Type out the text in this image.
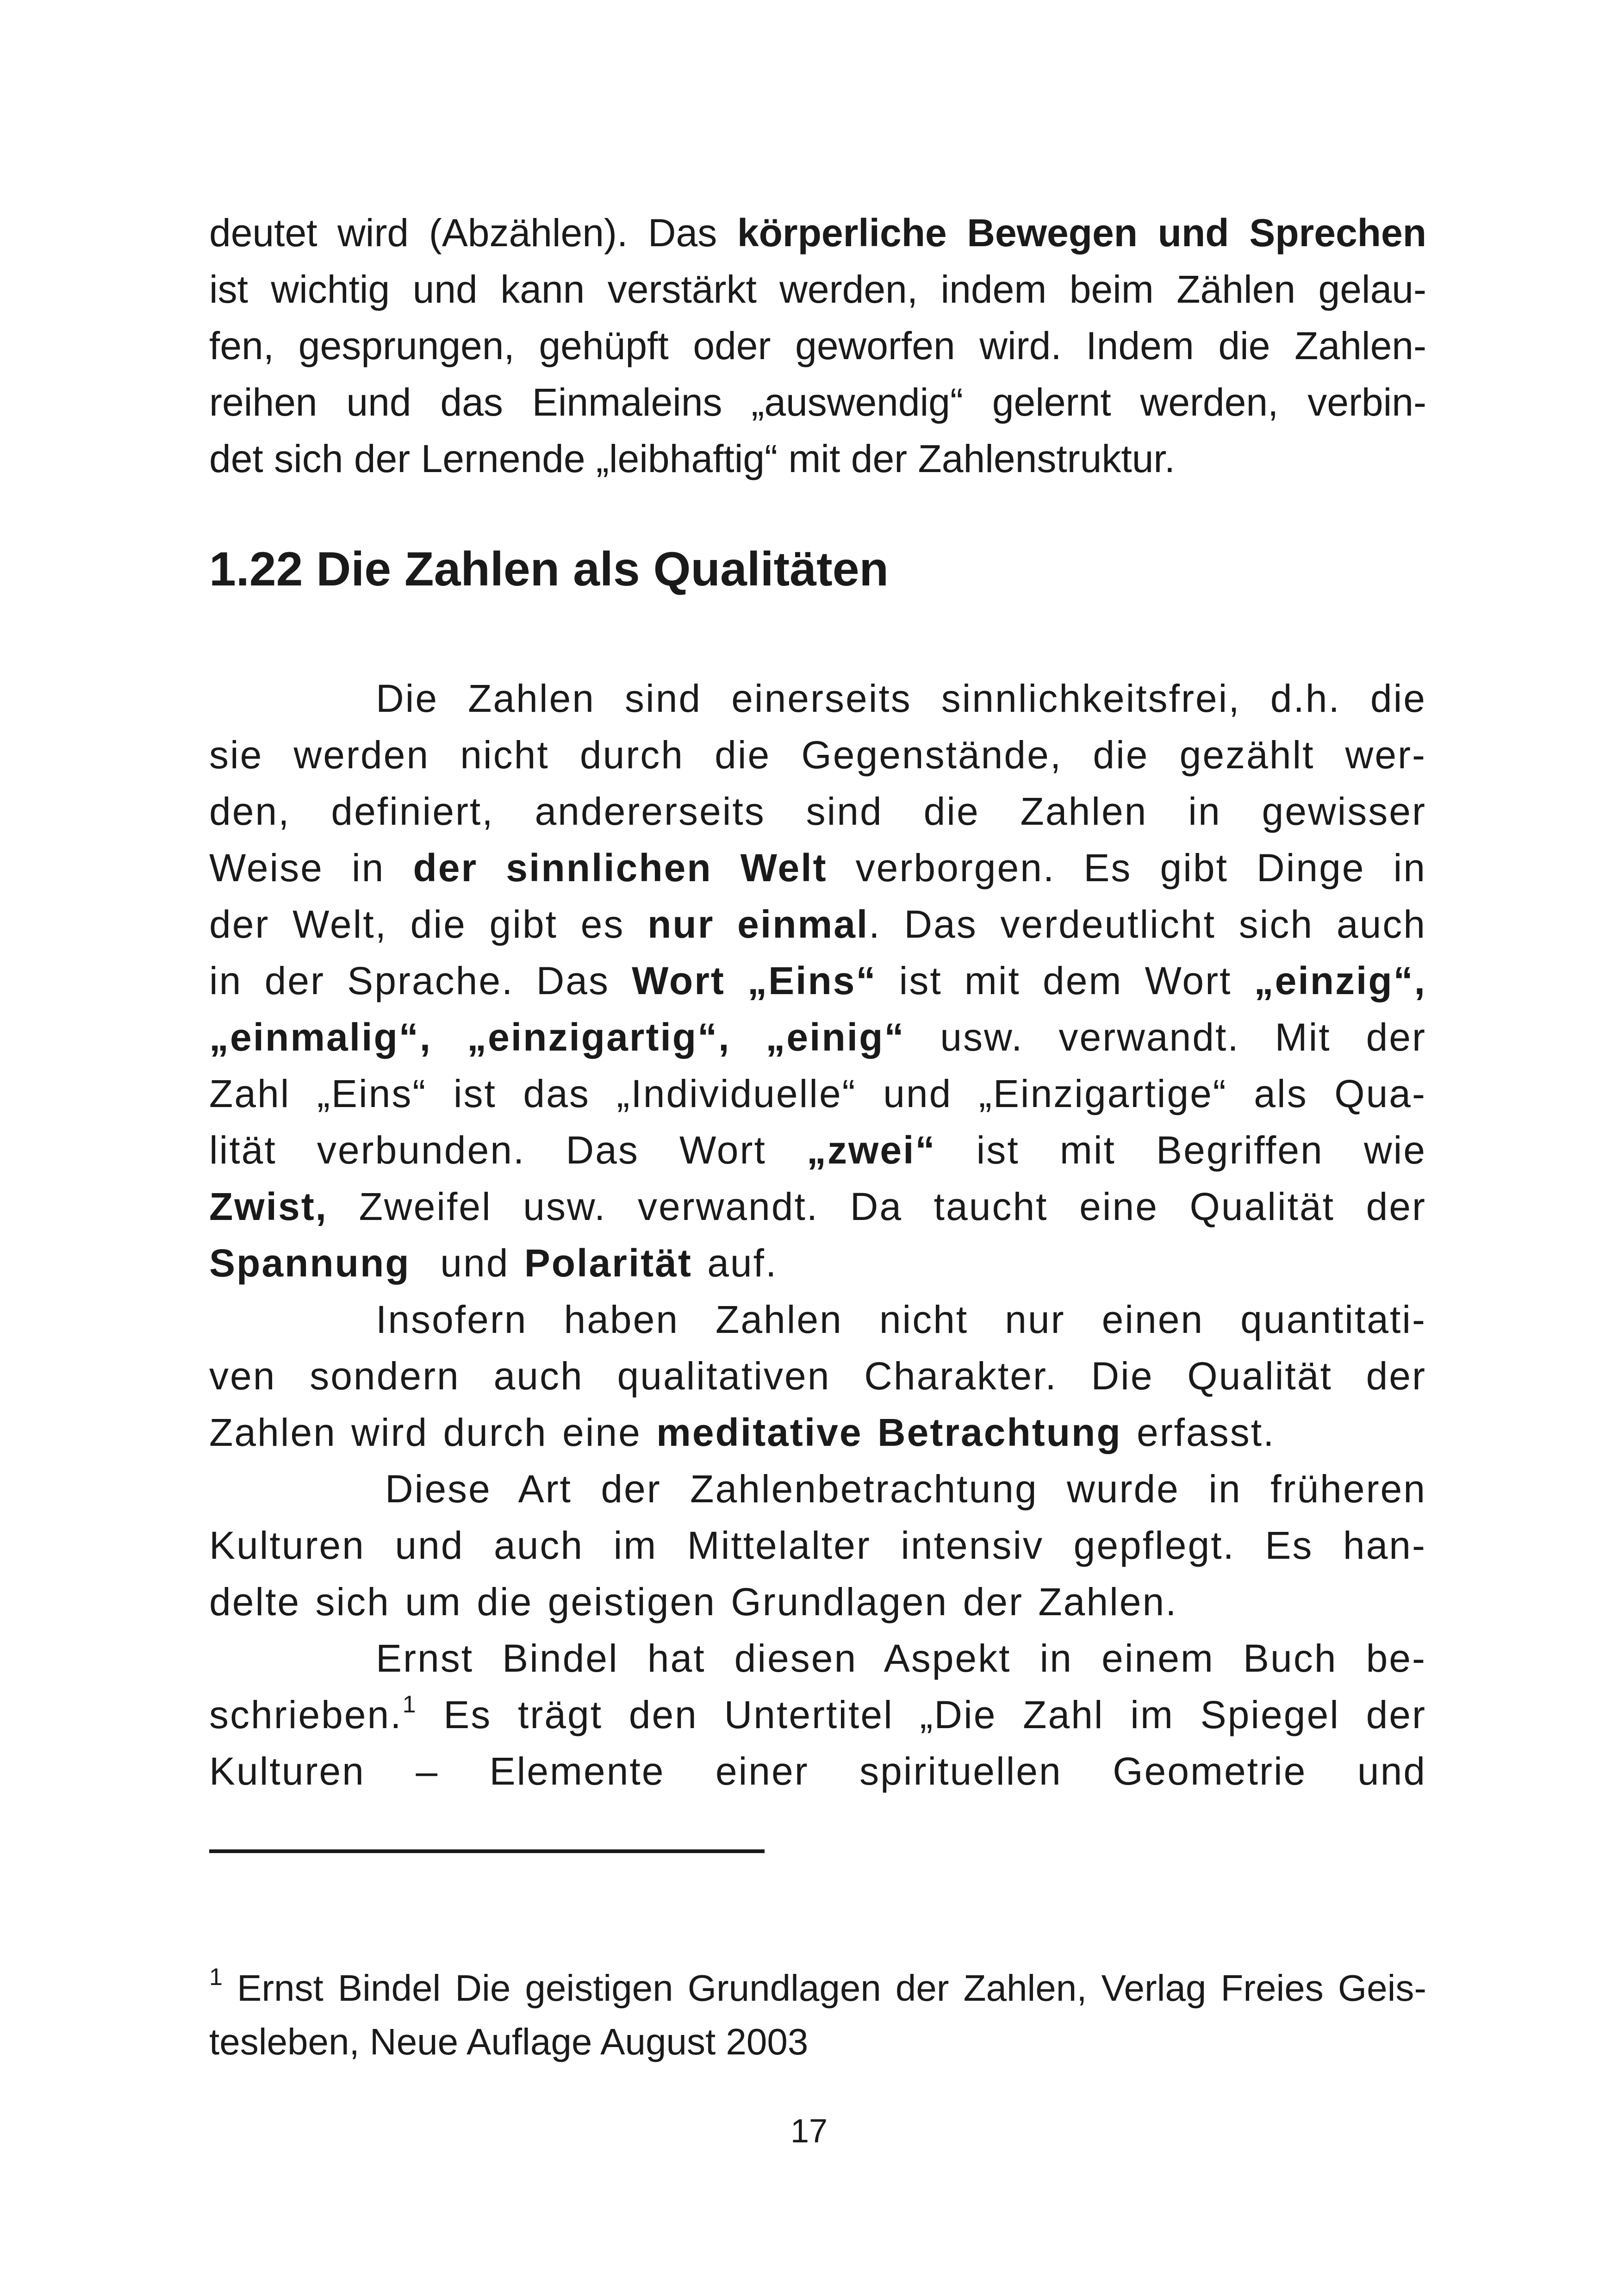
deutet wird (Abzählen). Das körperliche Bewegen und Sprechen
ist wichtig und kann verstärkt werden, indem beim Zählen gelau-
fen, gesprungen, gehüpft oder geworfen wird. Indem die Zahlen-
reihen und das Einmaleins „auswendig“ gelernt werden, verbin-
det sich der Lernende „leibhaftig“ mit der Zahlenstruktur.
1.22 Die Zahlen als Qualitäten
Die Zahlen sind einerseits sinnlichkeitsfrei, d.h. die
sie werden nicht durch die Gegenstände, die gezählt wer-
den, definiert, andererseits sind die Zahlen in gewisser
Weise in der sinnlichen Welt verborgen. Es gibt Dinge in
der Welt, die gibt es nur einmal. Das verdeutlicht sich auch
in der Sprache. Das Wort „Eins“ ist mit dem Wort „einzig“,
„einmalig“, „einzigartig“, „einig“ usw. verwandt. Mit der
Zahl „Eins“ ist das „Individuelle“ und „Einzigartige“ als Qua-
lität verbunden. Das Wort „zwei“ ist mit Begriffen wie
Zwist, Zweifel usw. verwandt. Da taucht eine Qualität der
Spannung  und Polarität auf.
Insofern haben Zahlen nicht nur einen quantitati-
ven sondern auch qualitativen Charakter. Die Qualität der
Zahlen wird durch eine meditative Betrachtung erfasst.
Diese Art der Zahlenbetrachtung wurde in früheren
Kulturen und auch im Mittelalter intensiv gepflegt. Es han-
delte sich um die geistigen Grundlagen der Zahlen.
Ernst Bindel hat diesen Aspekt in einem Buch be-
schrieben.$^1$ Es trägt den Untertitel „Die Zahl im Spiegel der
Kulturen – Elemente einer spirituellen Geometrie und
$^1$ Ernst Bindel Die geistigen Grundlagen der Zahlen, Verlag Freies Geis-
tesleben, Neue Auflage August 2003
17
